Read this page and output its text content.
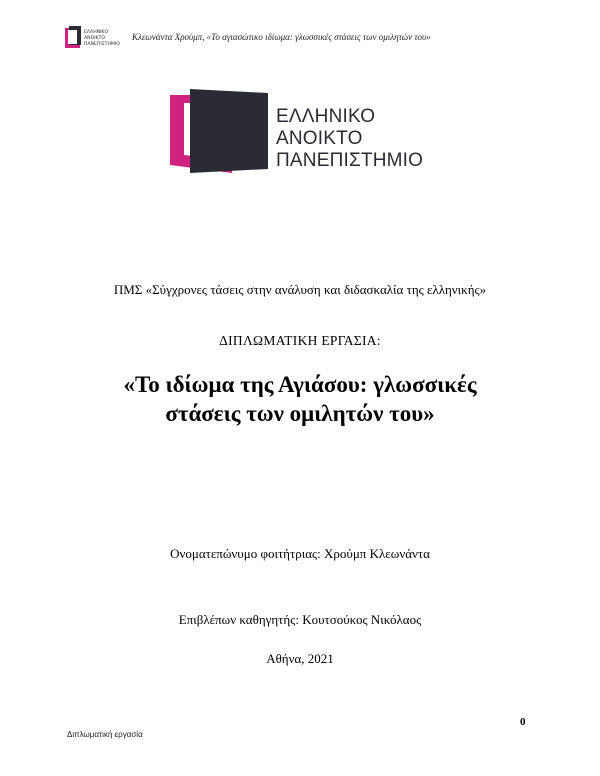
ΕΛΛΗΝΙΚΟ
ΑΝΟΙΚΤΟ
ΠΑΝΕΠΙΣΤΗΜΙΟ
Κλεωνάντα Χρούμπ, «Το αγιασώτικο ιδίωμα: γλωσσικές στάσεις των ομιλητών του»
ΕΛΛΗΝΙΚΟ
ΑΝΟΙΚΤΟ
ΠΑΝΕΠΙΣΤΗΜΙΟ
ΠΜΣ «Σύγχρονες τάσεις στην ανάλυση και διδασκαλία της ελληνικής»
ΔΙΠΛΩΜΑΤΙΚΗ ΕΡΓΑΣΙΑ:
«Το ιδίωμα της Αγιάσου: γλωσσικές
στάσεις των ομιλητών του»
Ονοματεπώνυμο φοιτήτριας: Χρούμπ Κλεωνάντα
Επιβλέπων καθηγητής: Κουτσούκος Νικόλαος
Αθήνα, 2021
0
Διπλωματική εργασία
